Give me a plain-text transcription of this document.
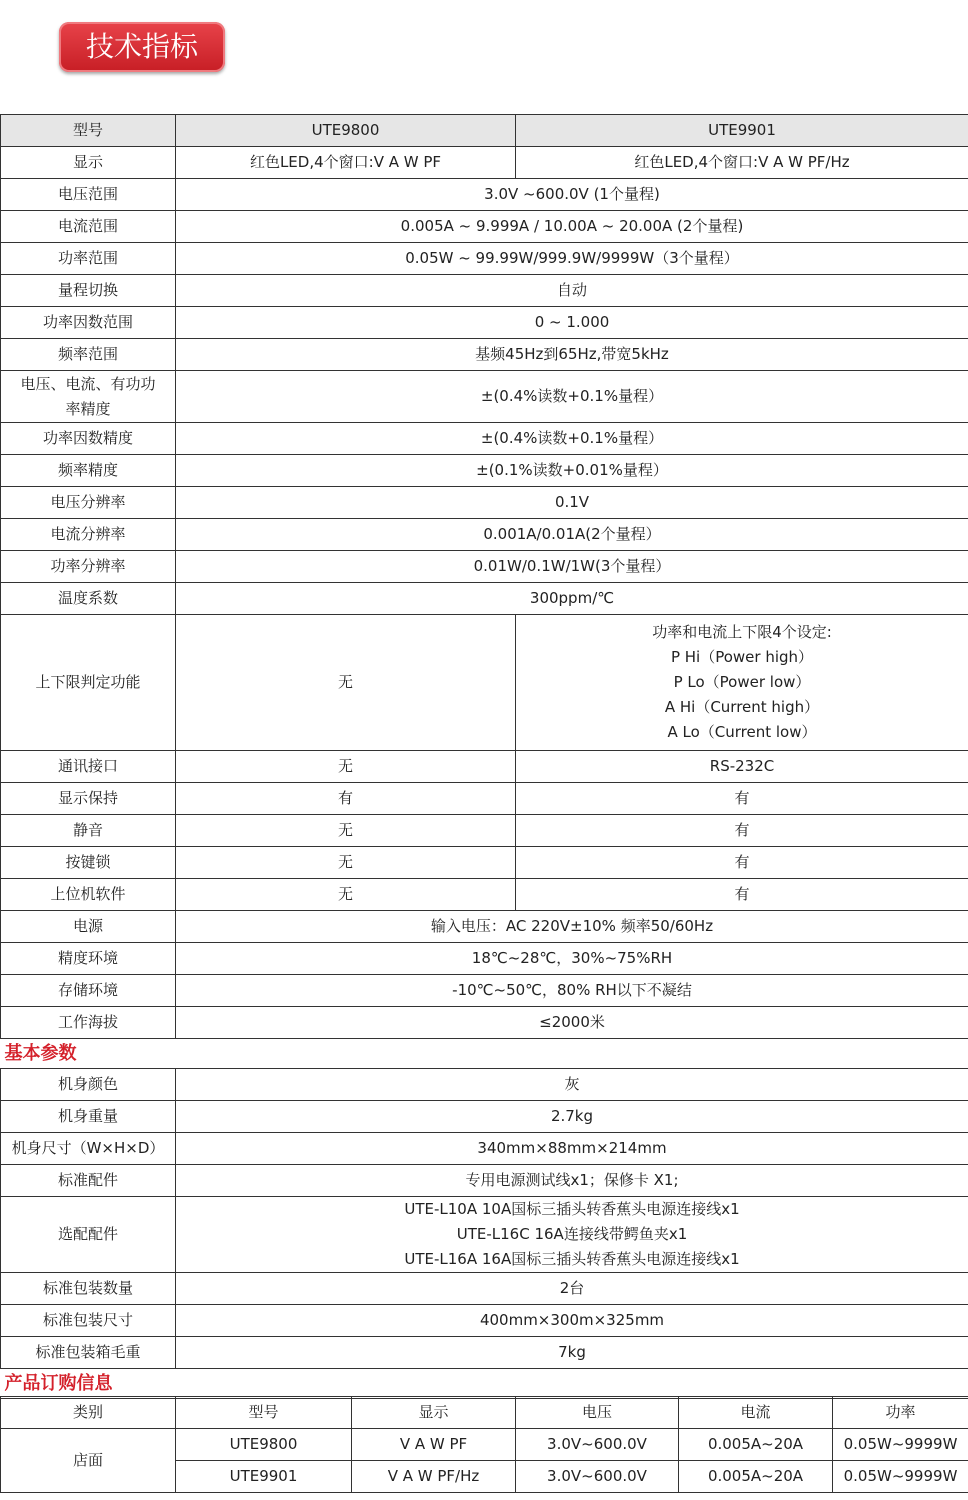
技术指标
型号	UTE9800	UTE9901
显示	红色LED,4个窗口:V A W PF	红色LED,4个窗口:V A W PF/Hz
电压范围	3.0V ~600.0V (1个量程)	
电流范围	0.005A ~ 9.999A / 10.00A ~ 20.00A (2个量程)	
功率范围	0.05W ~ 99.99W/999.9W/9999W（3个量程）	
量程切换	自动	
功率因数范围	0 ~ 1.000	
频率范围	基频45Hz到65Hz,带宽5kHz	

电压、电流、有功功
率精度	±(0.4%读数+0.1%量程）	
功率因数精度	±(0.4%读数+0.1%量程）	
频率精度	±(0.1%读数+0.01%量程）	
电压分辨率	0.1V	
电流分辨率	0.001A/0.01A(2个量程）	
功率分辨率	0.01W/0.1W/1W(3个量程）	
温度系数	300ppm/℃	
上下限判定功能	无	功率和电流上下限4个设定:
P Hi（Power high）
P Lo（Power low）
A Hi（Current high）
A Lo（Current low）

通讯接口	无	RS-232C
显示保持	有	有
静音	无	有
按键锁	无	有
上位机软件	无	有
电源	输入电压：AC 220V±10% 频率50/60Hz	
精度环境	18℃~28℃，30%~75%RH	
存储环境	-10℃~50℃，80% RH以下不凝结	
工作海拔	≤2000米	
基本参数		
机身颜色	灰	
机身重量	2.7kg	
机身尺寸（W×H×D）	340mm×88mm×214mm	
标准配件	专用电源测试线x1；保修卡 X1;	
选配配件	UTE-L10A 10A国标三插头转香蕉头电源连接线x1
UTE-L16C 16A连接线带鳄鱼夹x1
UTE-L16A 16A国标三插头转香蕉头电源连接线x1	

标准包装数量	2台	
标准包装尺寸	400mm×300m×325mm	
标准包装箱毛重	7kg	
产品订购信息		
类别	型号	显示	电压	电流	功率
店面	UTE9800	V A W PF	3.0V~600.0V	0.005A~20A	0.05W~9999W
	UTE9901	V A W PF/Hz	3.0V~600.0V	0.005A~20A	0.05W~9999W
